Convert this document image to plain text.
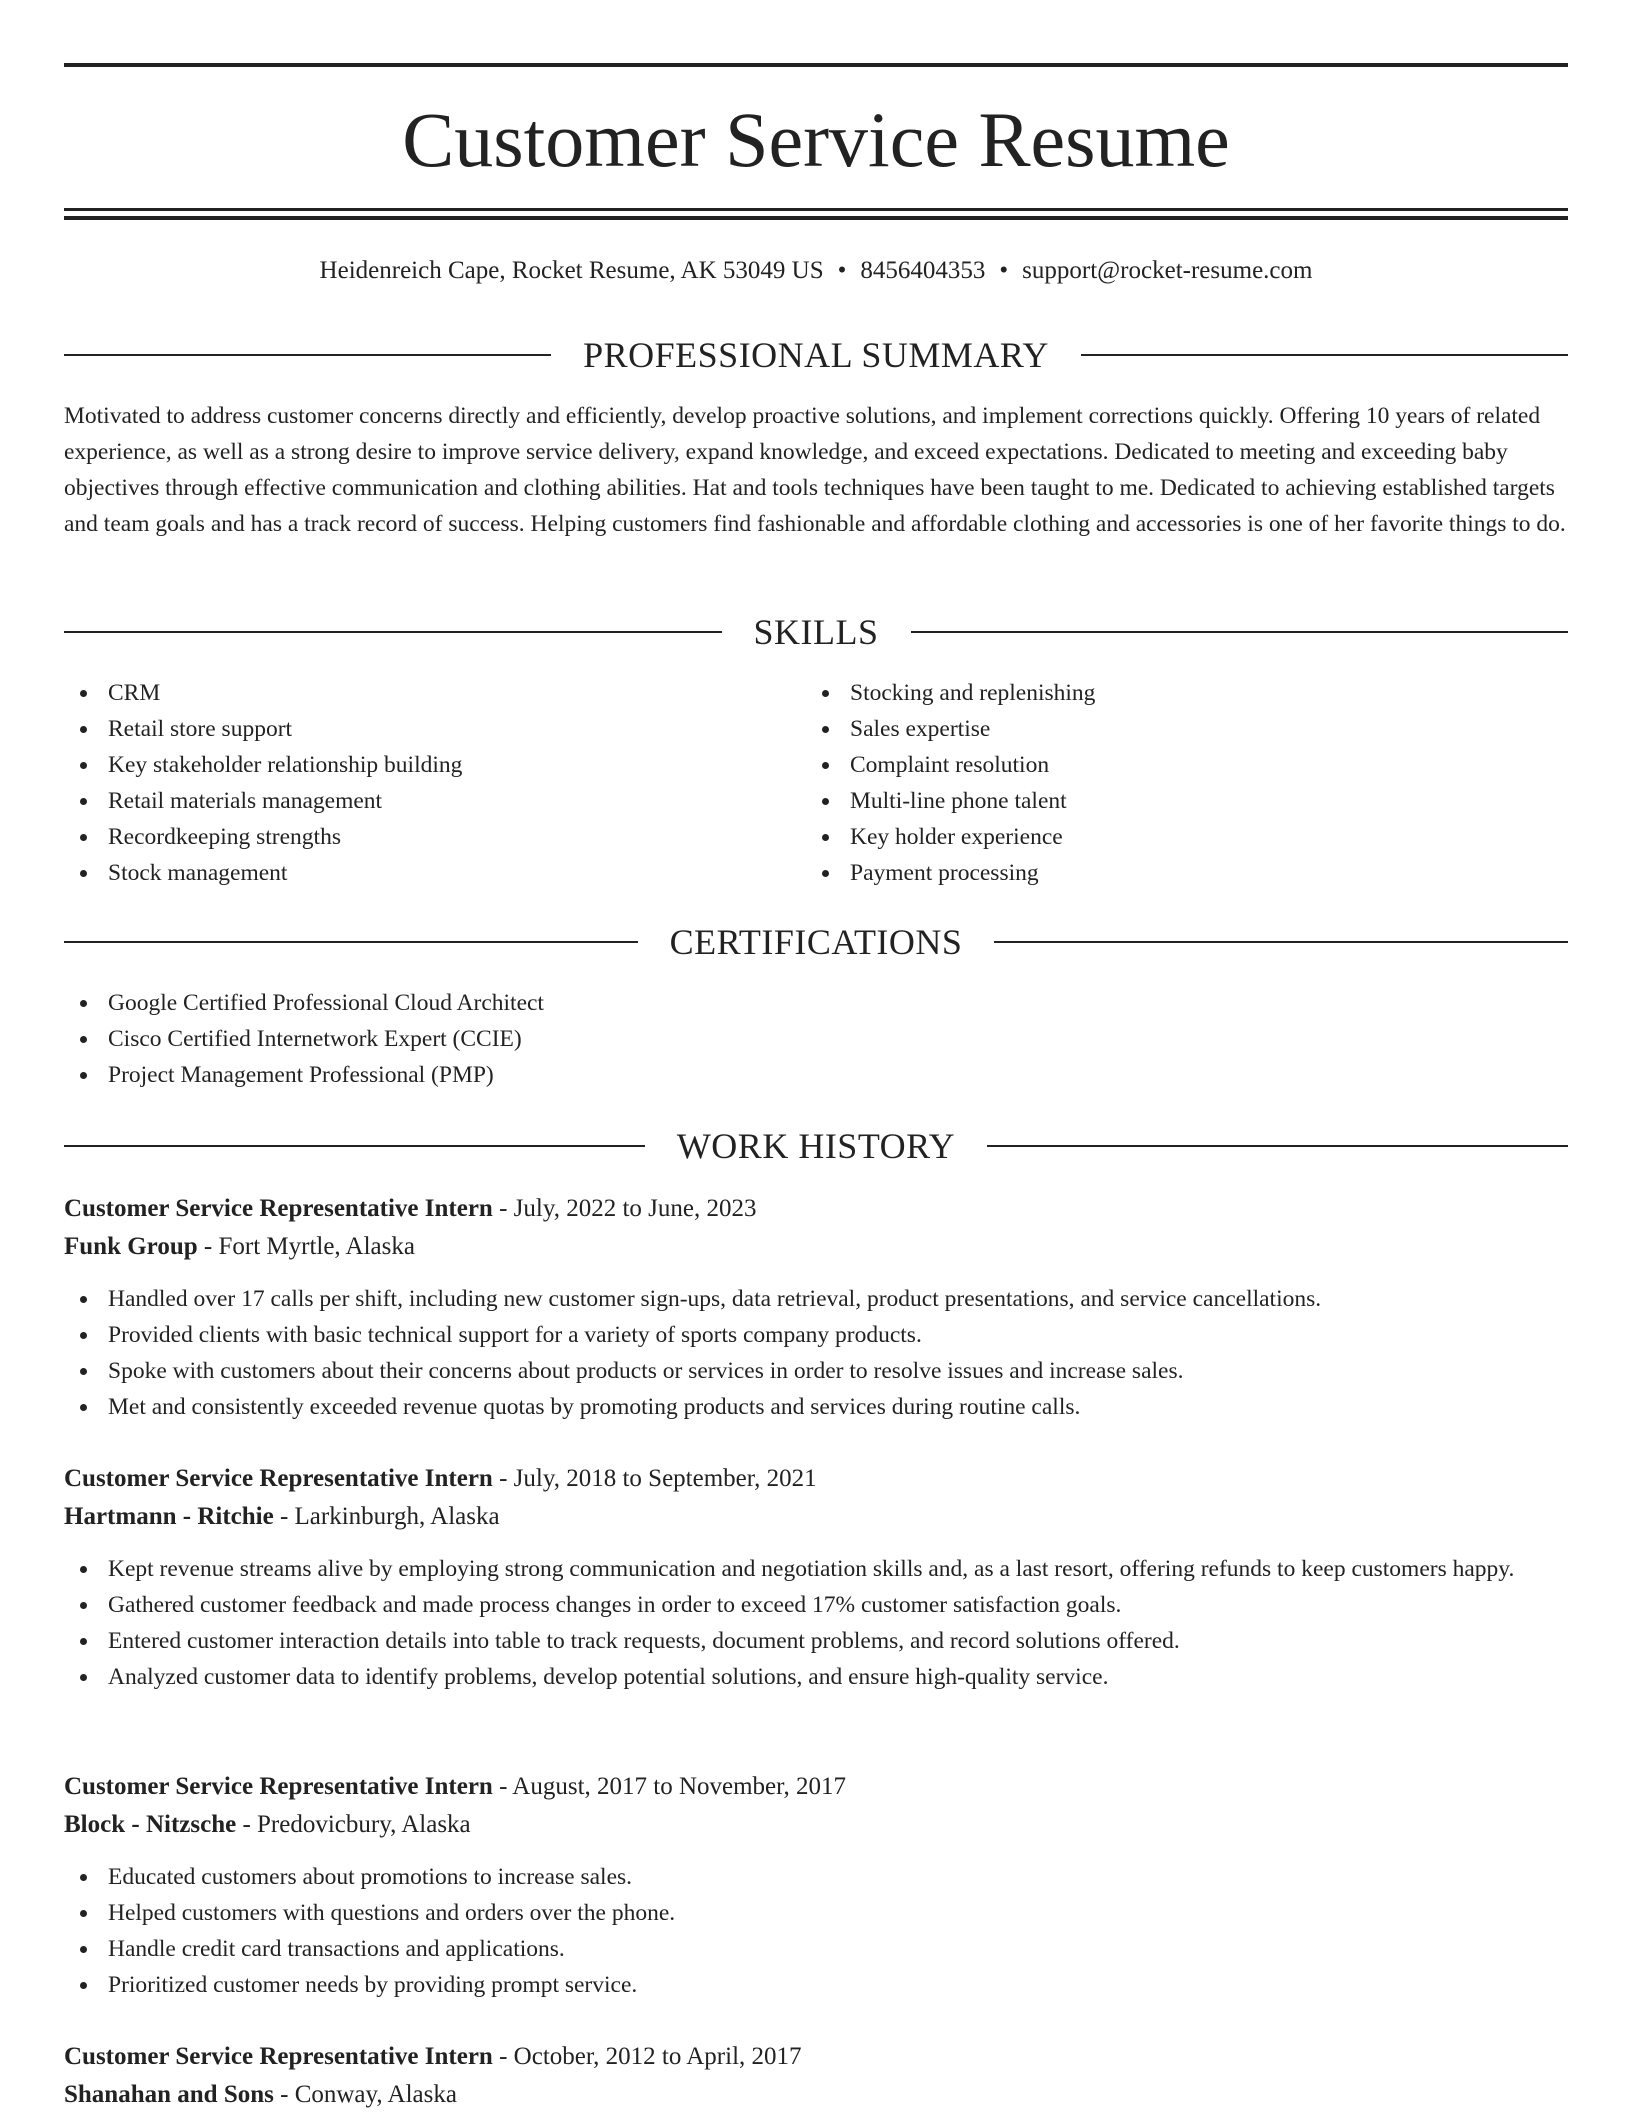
Customer Service Resume
Heidenreich Cape, Rocket Resume, AK 53049 US • 8456404353 • support@rocket-resume.com
PROFESSIONAL SUMMARY

Motivated to address customer concerns directly and efficiently, develop proactive solutions, and implement corrections quickly. Offering 10 years of related experience, as well as a strong desire to improve service delivery, expand knowledge, and exceed expectations. Dedicated to meeting and exceeding baby objectives through effective communication and clothing abilities. Hat and tools techniques have been taught to me. Dedicated to achieving established targets and team goals and has a track record of success. Helping customers find fashionable and affordable clothing and accessories is one of her favorite things to do.

SKILLS
CRM
Retail store support
Key stakeholder relationship building
Retail materials management
Recordkeeping strengths
Stock management
Stocking and replenishing
Sales expertise
Complaint resolution
Multi-line phone talent
Key holder experience
Payment processing
CERTIFICATIONS
Google Certified Professional Cloud Architect
Cisco Certified Internetwork Expert (CCIE)
Project Management Professional (PMP)
WORK HISTORY
Customer Service Representative Intern - July, 2022 to June, 2023
Funk Group - Fort Myrtle, Alaska
Handled over 17 calls per shift, including new customer sign-ups, data retrieval, product presentations, and service cancellations.
Provided clients with basic technical support for a variety of sports company products.
Spoke with customers about their concerns about products or services in order to resolve issues and increase sales.
Met and consistently exceeded revenue quotas by promoting products and services during routine calls.
Customer Service Representative Intern - July, 2018 to September, 2021
Hartmann - Ritchie - Larkinburgh, Alaska
Kept revenue streams alive by employing strong communication and negotiation skills and, as a last resort, offering refunds to keep customers happy.
Gathered customer feedback and made process changes in order to exceed 17% customer satisfaction goals.
Entered customer interaction details into table to track requests, document problems, and record solutions offered.
Analyzed customer data to identify problems, develop potential solutions, and ensure high-quality service.
Customer Service Representative Intern - August, 2017 to November, 2017
Block - Nitzsche - Predovicbury, Alaska
Educated customers about promotions to increase sales.
Helped customers with questions and orders over the phone.
Handle credit card transactions and applications.
Prioritized customer needs by providing prompt service.
Customer Service Representative Intern - October, 2012 to April, 2017
Shanahan and Sons - Conway, Alaska
